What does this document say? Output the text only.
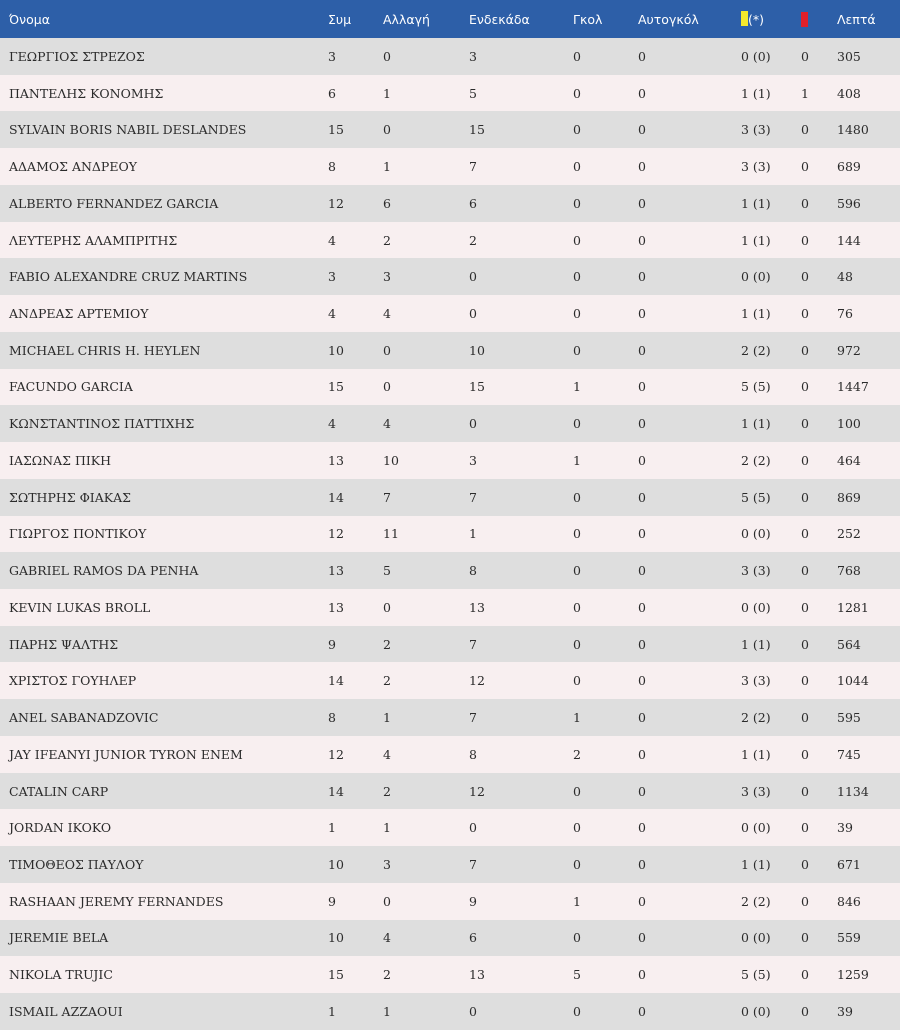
Όνομα	Συμ	Αλλαγή	Ενδεκάδα	Γκολ	Αυτογκόλ	(*)		Λεπτά
ΓΕΩΡΓΙΟΣ ΣΤΡΕΖΟΣ	3	0	3	0	0	0 (0)	0	305
ΠΑΝΤΕΛΗΣ ΚΟΝΟΜΗΣ	6	1	5	0	0	1 (1)	1	408
SYLVAIN BORIS NABIL DESLANDES	15	0	15	0	0	3 (3)	0	1480
ΑΔΑΜΟΣ ΑΝΔΡΕΟΥ	8	1	7	0	0	3 (3)	0	689
ALBERTO FERNANDEZ GARCIA	12	6	6	0	0	1 (1)	0	596
ΛΕΥΤΕΡΗΣ ΑΛΑΜΠΡΙΤΗΣ	4	2	2	0	0	1 (1)	0	144
FABIO ALEXANDRE CRUZ MARTINS	3	3	0	0	0	0 (0)	0	48
ΑΝΔΡΕΑΣ ΑΡΤΕΜΙΟΥ	4	4	0	0	0	1 (1)	0	76
MICHAEL CHRIS H. HEYLEN	10	0	10	0	0	2 (2)	0	972
FACUNDO GARCIA	15	0	15	1	0	5 (5)	0	1447
ΚΩΝΣΤΑΝΤΙΝΟΣ ΠΑΤΤΙΧΗΣ	4	4	0	0	0	1 (1)	0	100
ΙΑΣΩΝΑΣ ΠΙΚΗ	13	10	3	1	0	2 (2)	0	464
ΣΩΤΗΡΗΣ ΦΙΑΚΑΣ	14	7	7	0	0	5 (5)	0	869
ΓΙΩΡΓΟΣ ΠΟΝΤΙΚΟΥ	12	11	1	0	0	0 (0)	0	252
GABRIEL RAMOS DA PENHA	13	5	8	0	0	3 (3)	0	768
KEVIN LUKAS BROLL	13	0	13	0	0	0 (0)	0	1281
ΠΑΡΗΣ ΨΑΛΤΗΣ	9	2	7	0	0	1 (1)	0	564
ΧΡΙΣΤΟΣ ΓΟΥΗΛΕΡ	14	2	12	0	0	3 (3)	0	1044
ANEL SABANADZOVIC	8	1	7	1	0	2 (2)	0	595
JAY IFEANYI JUNIOR TYRON ENEM	12	4	8	2	0	1 (1)	0	745
CATALIN CARP	14	2	12	0	0	3 (3)	0	1134
JORDAN IKOKO	1	1	0	0	0	0 (0)	0	39
ΤΙΜΟΘΕΟΣ ΠΑΥΛΟΥ	10	3	7	0	0	1 (1)	0	671
RASHAAN JEREMY FERNANDES	9	0	9	1	0	2 (2)	0	846
JEREMIE BELA	10	4	6	0	0	0 (0)	0	559
NIKOLA TRUJIC	15	2	13	5	0	5 (5)	0	1259
ISMAIL AZZAOUI	1	1	0	0	0	0 (0)	0	39
